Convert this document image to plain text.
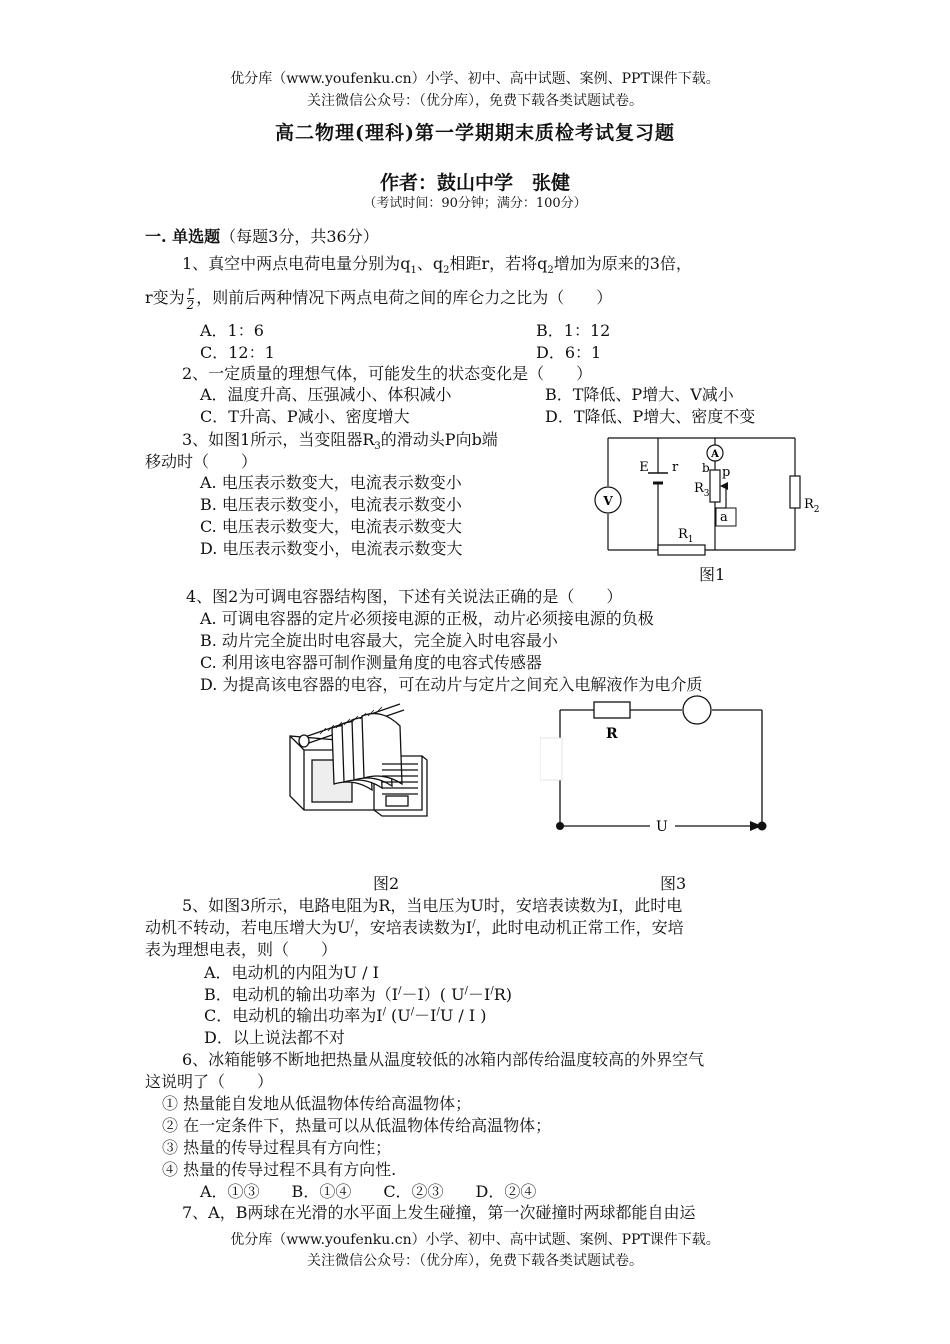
优分库（www.youfenku.cn）小学、初中、高中试题、案例、PPT课件下载。
关注微信公众号：（优分库），免费下载各类试题试卷。
高二物理(理科)第一学期期末质检考试复习题
作者：鼓山中学　张健
（考试时间：90分钟；满分：100分）
一. 单选题（每题3分，共36分）
1、真空中两点电荷电量分别为$q_1$、$q_2$相距r，若将$q_2$增加为原来的3倍，
r变为 $\frac{r}{2}$ ，则前后两种情况下两点电荷之间的库仑力之比为（　　）
A．1：6	B．1：12
C．12：1	D．6：1
2、一定质量的理想气体，可能发生的状态变化是（　　）
A．温度升高、压强减小、体积减小	B．T降低、P增大、V减小
C．T升高、P减小、密度增大	D．T降低、P增大、密度不变
3、如图1所示，当变阻器$R_3$的滑动头P向b端
移动时（　　）
A. 电压表示数变大，电流表示数变小
B. 电压表示数变小，电流表示数变小
C. 电压表示数变大，电流表示数变大
D. 电压表示数变小，电流表示数变大
V
E r
A
b p
a
$R_3$
$R_2$
$R_1$
图1
4、图2为可调电容器结构图，下述有关说法正确的是（　　）
A. 可调电容器的定片必须接电源的正极，动片必须接电源的负极
B. 动片完全旋出时电容最大，完全旋入时电容最小
C. 利用该电容器可制作测量角度的电容式传感器
D. 为提高该电容器的电容，可在动片与定片之间充入电解液作为电介质
R
U
图2	图3
5、如图3所示，电路电阻为R，当电压为U时，安培表读数为I，此时电
动机不转动，若电压增大为U/，安培表读数为I/，此时电动机正常工作，安培
表为理想电表，则（　　）
A．电动机的内阻为U / I
B．电动机的输出功率为（I/－I）( U/－I/R)
C．电动机的输出功率为I/ (U/－I/U / I )
D．以上说法都不对
6、冰箱能够不断地把热量从温度较低的冰箱内部传给温度较高的外界空气
这说明了（　　）
① 热量能自发地从低温物体传给高温物体；
② 在一定条件下，热量可以从低温物体传给高温物体；
③ 热量的传导过程具有方向性；
④ 热量的传导过程不具有方向性.
A．①③　　B．①④　　C．②③　　D．②④
7、A，B两球在光滑的水平面上发生碰撞，第一次碰撞时两球都能自由运
优分库（www.youfenku.cn）小学、初中、高中试题、案例、PPT课件下载。
关注微信公众号：（优分库），免费下载各类试题试卷。
